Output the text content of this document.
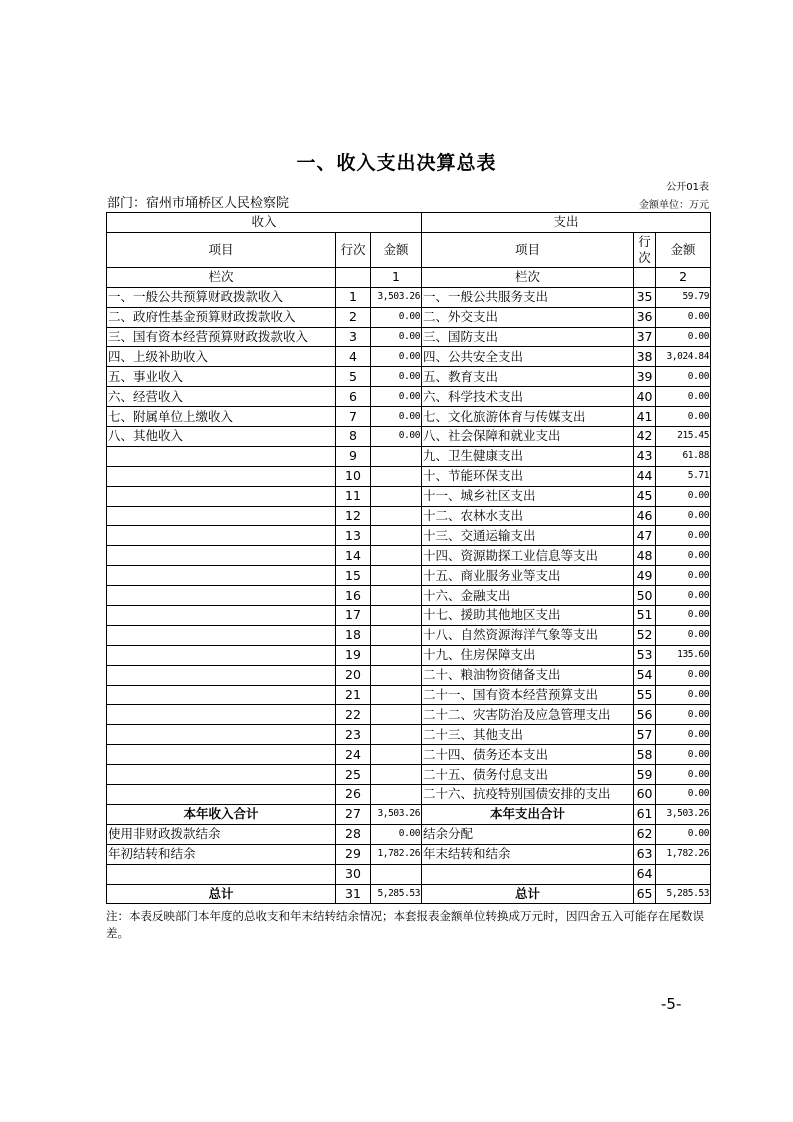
一、收入支出决算总表
公开01表
部门：宿州市埇桥区人民检察院	金额单位：万元
收入			支出		
项目	行次	金额	项目	行次	金额
栏次		1	栏次		2
一、一般公共预算财政拨款收入	1	3,503.26	一、一般公共服务支出	35	59.79
二、政府性基金预算财政拨款收入	2	0.00	二、外交支出	36	0.00
三、国有资本经营预算财政拨款收入	3	0.00	三、国防支出	37	0.00
四、上级补助收入	4	0.00	四、公共安全支出	38	3,024.84
五、事业收入	5	0.00	五、教育支出	39	0.00
六、经营收入	6	0.00	六、科学技术支出	40	0.00
七、附属单位上缴收入	7	0.00	七、文化旅游体育与传媒支出	41	0.00
八、其他收入	8	0.00	八、社会保障和就业支出	42	215.45
	9		九、卫生健康支出	43	61.88
	10		十、节能环保支出	44	5.71
	11		十一、城乡社区支出	45	0.00
	12		十二、农林水支出	46	0.00
	13		十三、交通运输支出	47	0.00
	14		十四、资源勘探工业信息等支出	48	0.00
	15		十五、商业服务业等支出	49	0.00
	16		十六、金融支出	50	0.00
	17		十七、援助其他地区支出	51	0.00
	18		十八、自然资源海洋气象等支出	52	0.00
	19		十九、住房保障支出	53	135.60
	20		二十、粮油物资储备支出	54	0.00
	21		二十一、国有资本经营预算支出	55	0.00
	22		二十二、灾害防治及应急管理支出	56	0.00
	23		二十三、其他支出	57	0.00
	24		二十四、债务还本支出	58	0.00
	25		二十五、债务付息支出	59	0.00
	26		二十六、抗疫特别国债安排的支出	60	0.00
本年收入合计	27	3,503.26	本年支出合计	61	3,503.26
使用非财政拨款结余	28	0.00	结余分配	62	0.00
年初结转和结余	29	1,782.26	年末结转和结余	63	1,782.26
	30			64	
总计	31	5,285.53	总计	65	5,285.53
注：本表反映部门本年度的总收支和年末结转结余情况；本套报表金额单位转换成万元时，因四舍五入可能存在尾数误差。
-5-
